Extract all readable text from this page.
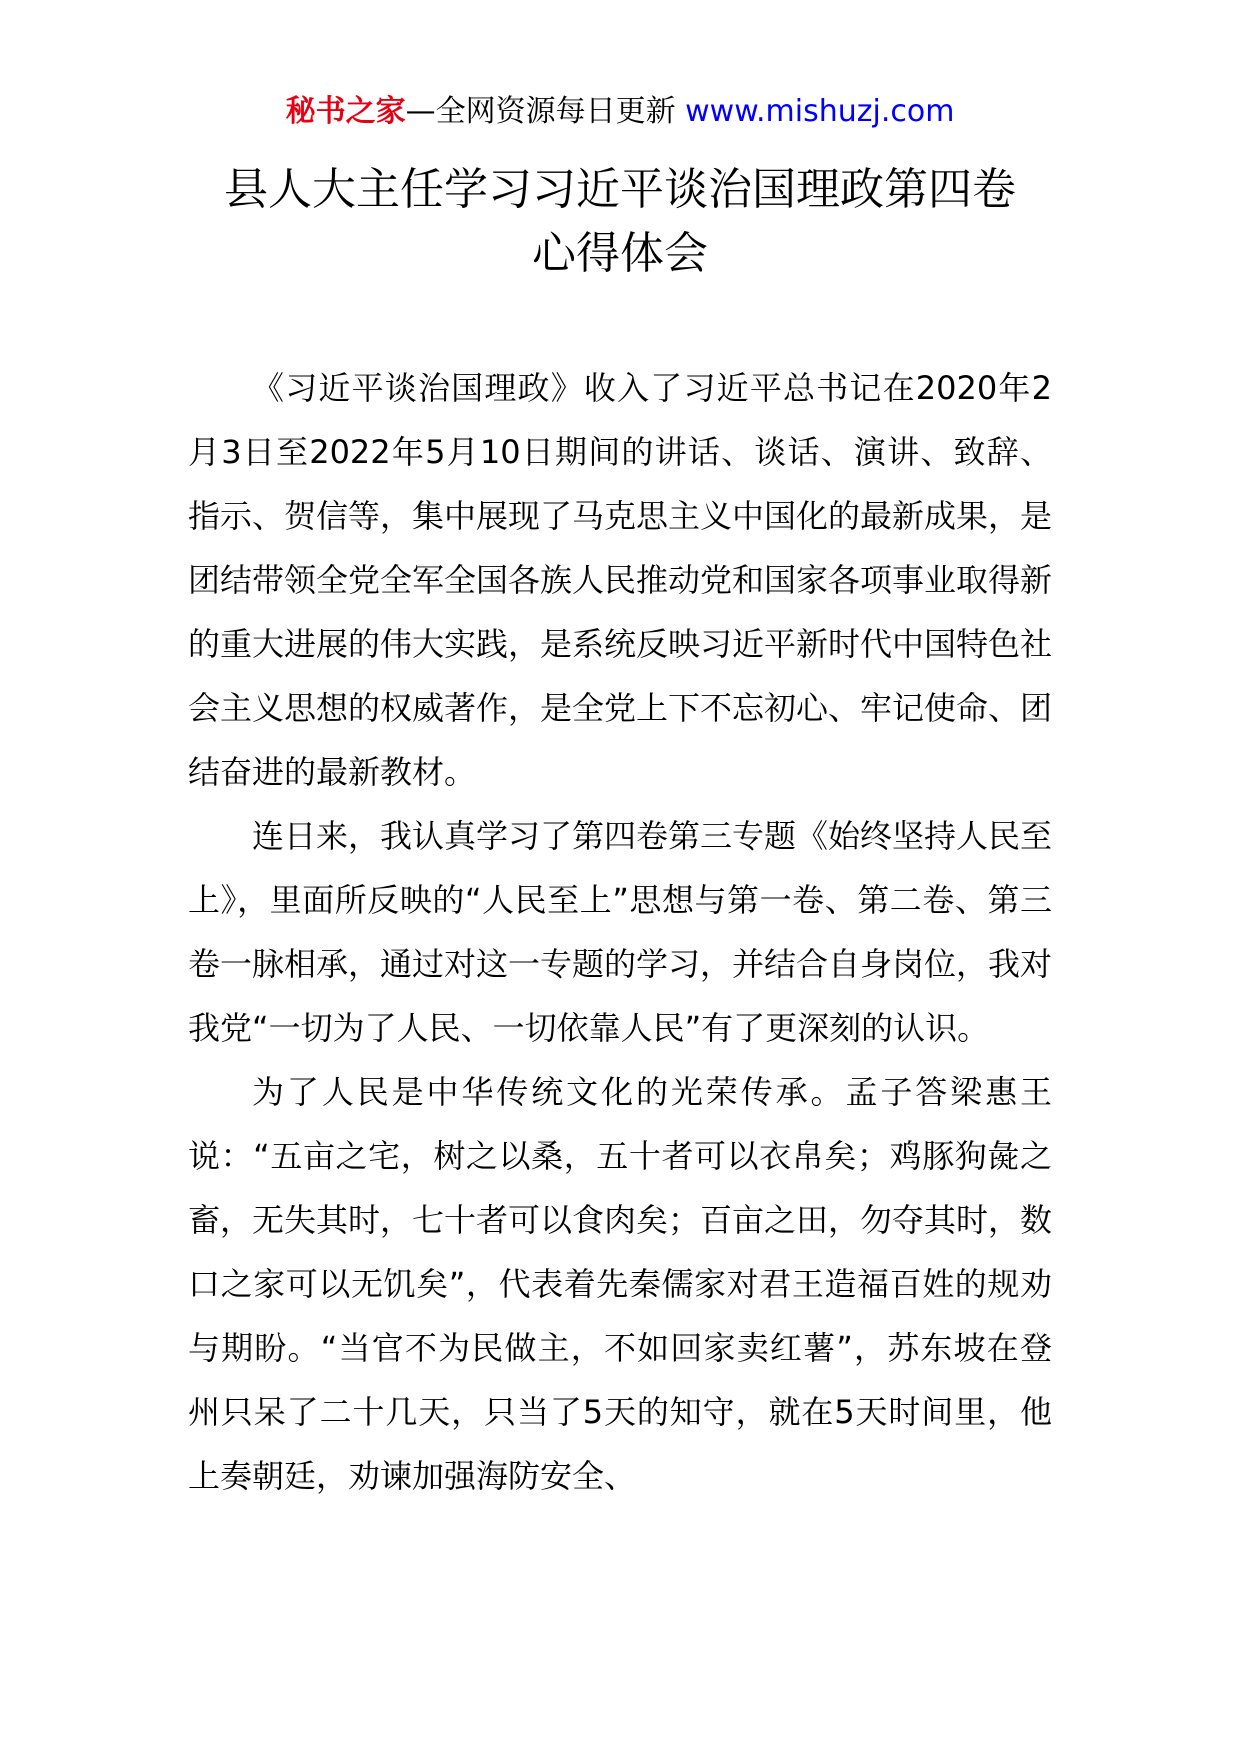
秘书之家—全网资源每日更新 www.mishuzj.com
县人大主任学习习近平谈治国理政第四卷
心得体会

《习近平谈治国理政》收入了习近平总书记在2020年2月3日至2022年5月10日期间的讲话、谈话、演讲、致辞、指示、贺信等，集中展现了马克思主义中国化的最新成果，是团结带领全党全军全国各族人民推动党和国家各项事业取得新的重大进展的伟大实践，是系统反映习近平新时代中国特色社会主义思想的权威著作，是全党上下不忘初心、牢记使命、团结奋进的最新教材。

连日来，我认真学习了第四卷第三专题《始终坚持人民至上》，里面所反映的“人民至上”思想与第一卷、第二卷、第三卷一脉相承，通过对这一专题的学习，并结合自身岗位，我对我党“一切为了人民、一切依靠人民”有了更深刻的认识。

为了人民是中华传统文化的光荣传承。孟子答梁惠王说：“五亩之宅，树之以桑，五十者可以衣帛矣；鸡豚狗彘之畜，无失其时，七十者可以食肉矣；百亩之田，勿夺其时，数口之家可以无饥矣”，代表着先秦儒家对君王造福百姓的规劝与期盼。“当官不为民做主，不如回家卖红薯”，苏东坡在登州只呆了二十几天，只当了5天的知守，就在5天时间里，他上奏朝廷，劝谏加强海防安全、
